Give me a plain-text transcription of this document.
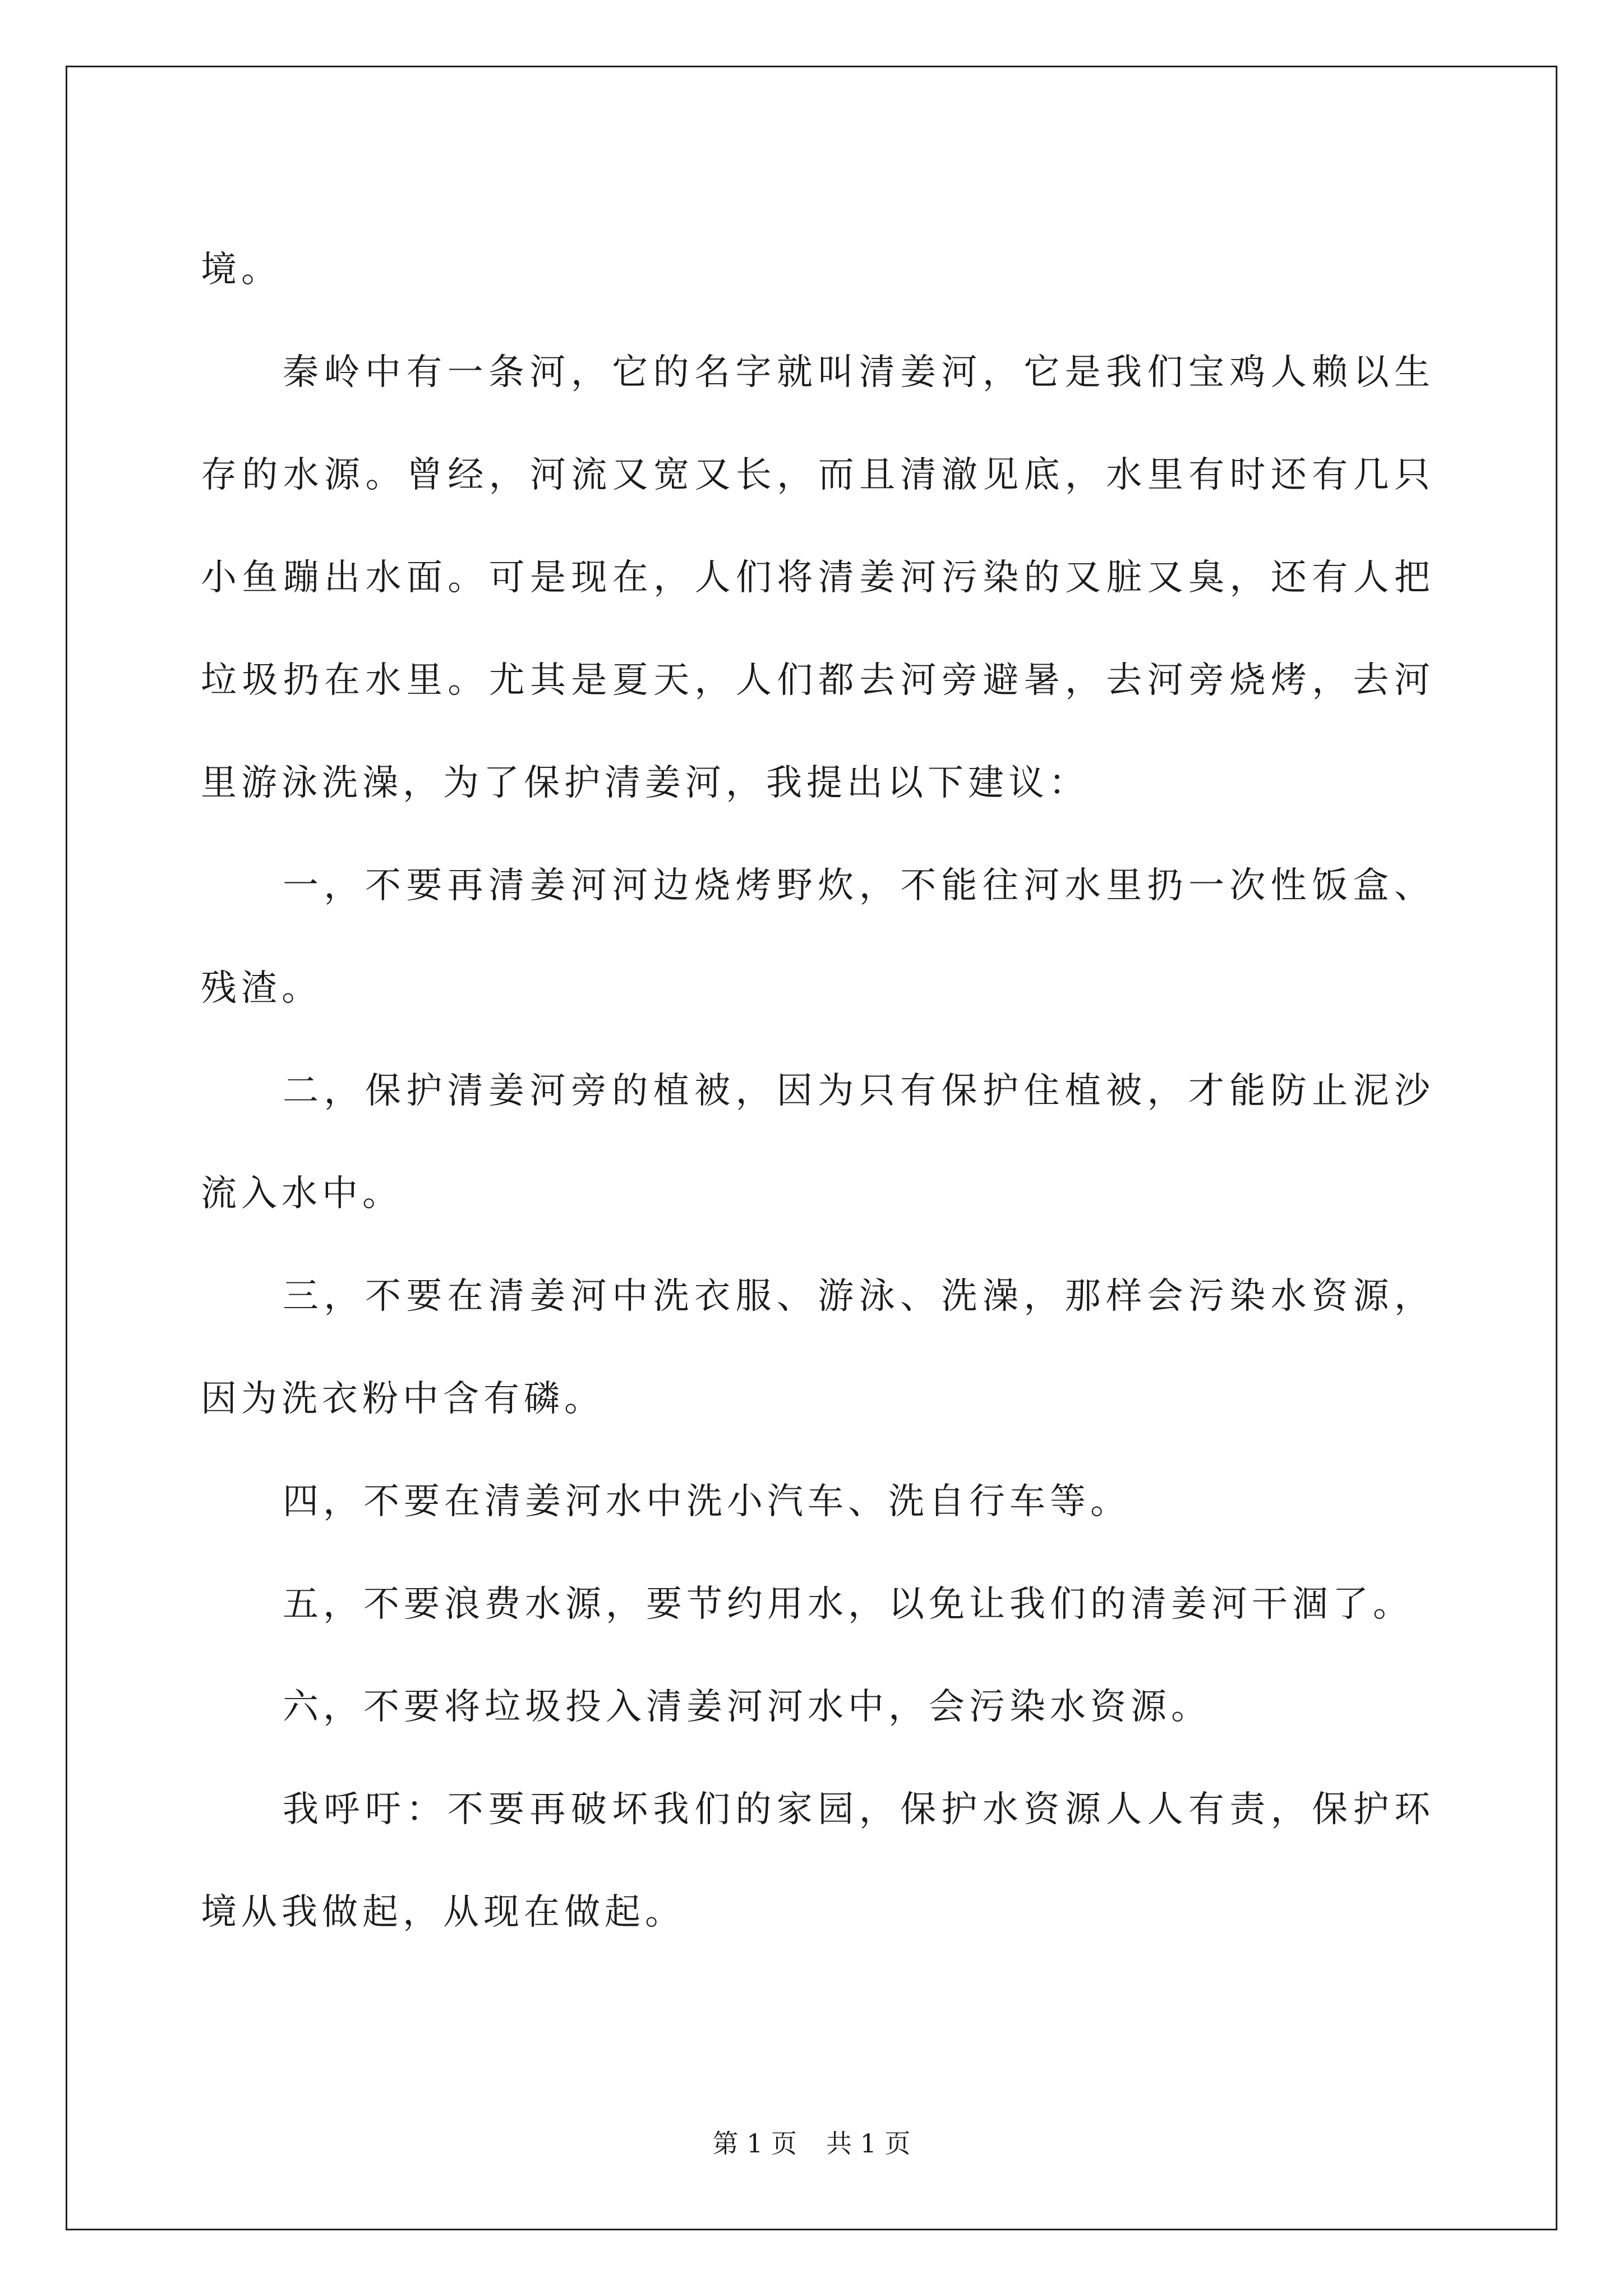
境。

秦岭中有一条河，它的名字就叫清姜河，它是我们宝鸡人赖以生存的水源。曾经，河流又宽又长，而且清澈见底，水里有时还有几只小鱼蹦出水面。可是现在，人们将清姜河污染的又脏又臭，还有人把垃圾扔在水里。尤其是夏天，人们都去河旁避暑，去河旁烧烤，去河里游泳洗澡，为了保护清姜河，我提出以下建议：

一，不要再清姜河河边烧烤野炊，不能往河水里扔一次性饭盒、残渣。

二，保护清姜河旁的植被，因为只有保护住植被，才能防止泥沙流入水中。

三，不要在清姜河中洗衣服、游泳、洗澡，那样会污染水资源，因为洗衣粉中含有磷。

四，不要在清姜河水中洗小汽车、洗自行车等。

五，不要浪费水源，要节约用水，以免让我们的清姜河干涸了。

六，不要将垃圾投入清姜河河水中，会污染水资源。

我呼吁：不要再破坏我们的家园，保护水资源人人有责，保护环境从我做起，从现在做起。

第 1 页 共 1 页
